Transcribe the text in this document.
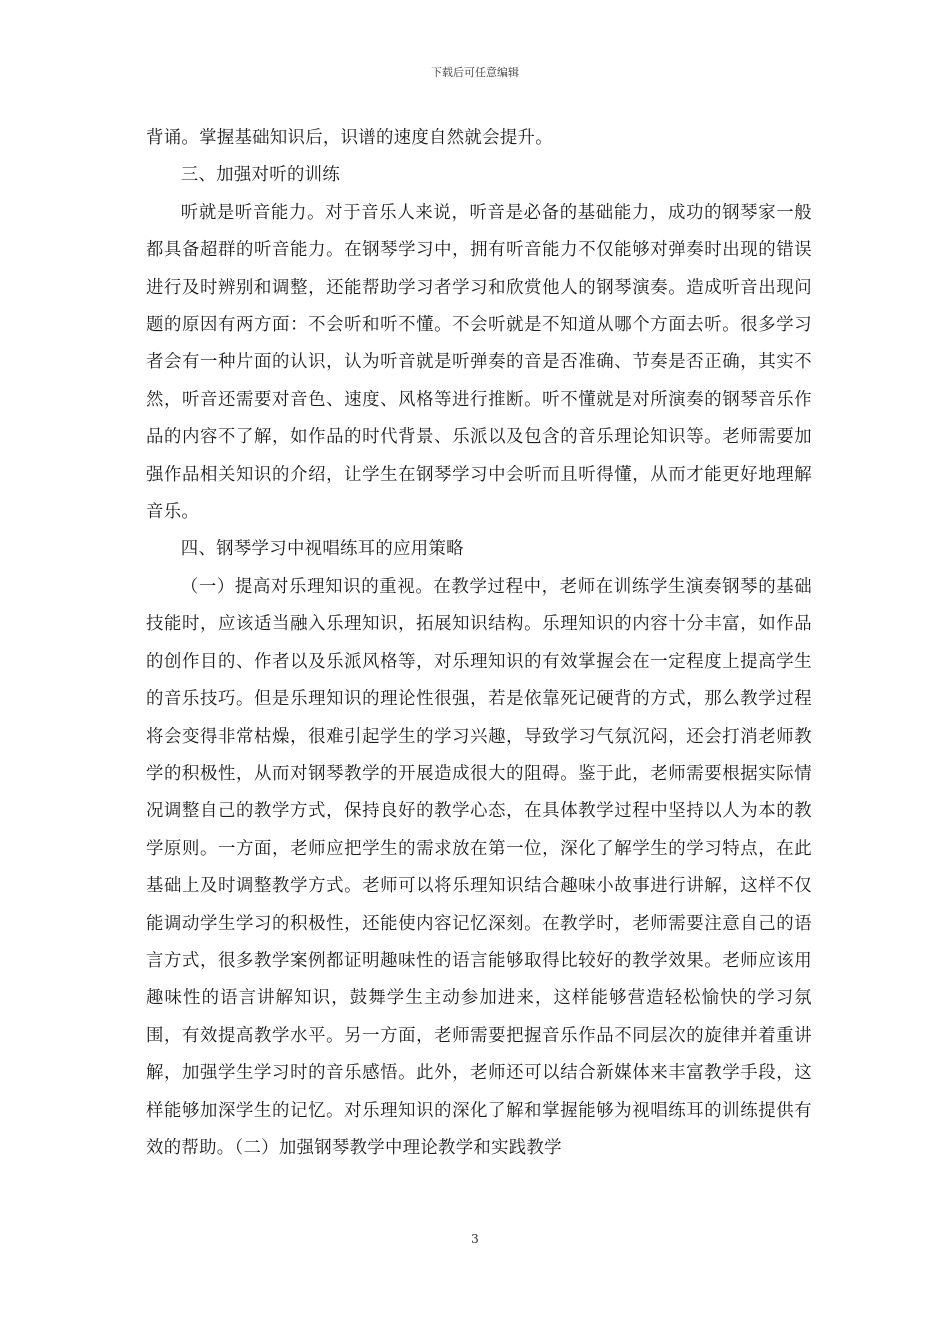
下载后可任意编辑

背诵。掌握基础知识后，识谱的速度自然就会提升。

三、加强对听的训练

听就是听音能力。对于音乐人来说，听音是必备的基础能力，成功的钢琴家一般都具备超群的听音能力。在钢琴学习中，拥有听音能力不仅能够对弹奏时出现的错误进行及时辨别和调整，还能帮助学习者学习和欣赏他人的钢琴演奏。造成听音出现问题的原因有两方面：不会听和听不懂。不会听就是不知道从哪个方面去听。很多学习者会有一种片面的认识，认为听音就是听弹奏的音是否准确、节奏是否正确，其实不然，听音还需要对音色、速度、风格等进行推断。听不懂就是对所演奏的钢琴音乐作品的内容不了解，如作品的时代背景、乐派以及包含的音乐理论知识等。老师需要加强作品相关知识的介绍，让学生在钢琴学习中会听而且听得懂，从而才能更好地理解音乐。

四、钢琴学习中视唱练耳的应用策略

（一）提高对乐理知识的重视。在教学过程中，老师在训练学生演奏钢琴的基础技能时，应该适当融入乐理知识，拓展知识结构。乐理知识的内容十分丰富，如作品的创作目的、作者以及乐派风格等，对乐理知识的有效掌握会在一定程度上提高学生的音乐技巧。但是乐理知识的理论性很强，若是依靠死记硬背的方式，那么教学过程将会变得非常枯燥，很难引起学生的学习兴趣，导致学习气氛沉闷，还会打消老师教学的积极性，从而对钢琴教学的开展造成很大的阻碍。鉴于此，老师需要根据实际情况调整自己的教学方式，保持良好的教学心态，在具体教学过程中坚持以人为本的教学原则。一方面，老师应把学生的需求放在第一位，深化了解学生的学习特点，在此基础上及时调整教学方式。老师可以将乐理知识结合趣味小故事进行讲解，这样不仅能调动学生学习的积极性，还能使内容记忆深刻。在教学时，老师需要注意自己的语言方式，很多教学案例都证明趣味性的语言能够取得比较好的教学效果。老师应该用趣味性的语言讲解知识，鼓舞学生主动参加进来，这样能够营造轻松愉快的学习氛围，有效提高教学水平。另一方面，老师需要把握音乐作品不同层次的旋律并着重讲解，加强学生学习时的音乐感悟。此外，老师还可以结合新媒体来丰富教学手段，这样能够加深学生的记忆。对乐理知识的深化了解和掌握能够为视唱练耳的训练提供有效的帮助。（二）加强钢琴教学中理论教学和实践教学

3
